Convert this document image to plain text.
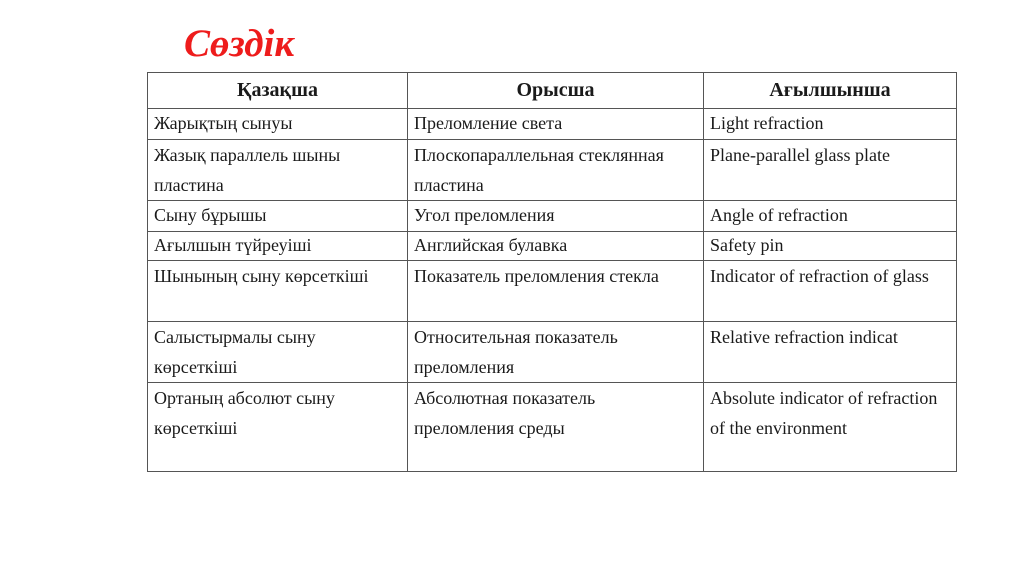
Сөздік
Қазақша	Орысша	Ағылшынша
Жарықтың сынуы	Преломление света	Light refraction
Жазық параллель шыны пластина	Плоскопараллельная стеклянная пластина	Plane-parallel glass plate
Сыну бұрышы	Угол преломления	Angle of refraction
Ағылшын түйреуіші	Английская булавка	Safety pin
Шынының сыну көрсеткіші	Показатель преломления стекла	Indicator of refraction of glass
Салыстырмалы сыну көрсеткіші	Относительная показатель преломления	Relative refraction indicat
Ортаның абсолют сыну көрсеткіші	Абсолютная показатель преломления среды	Absolute indicator of refraction of the environment
